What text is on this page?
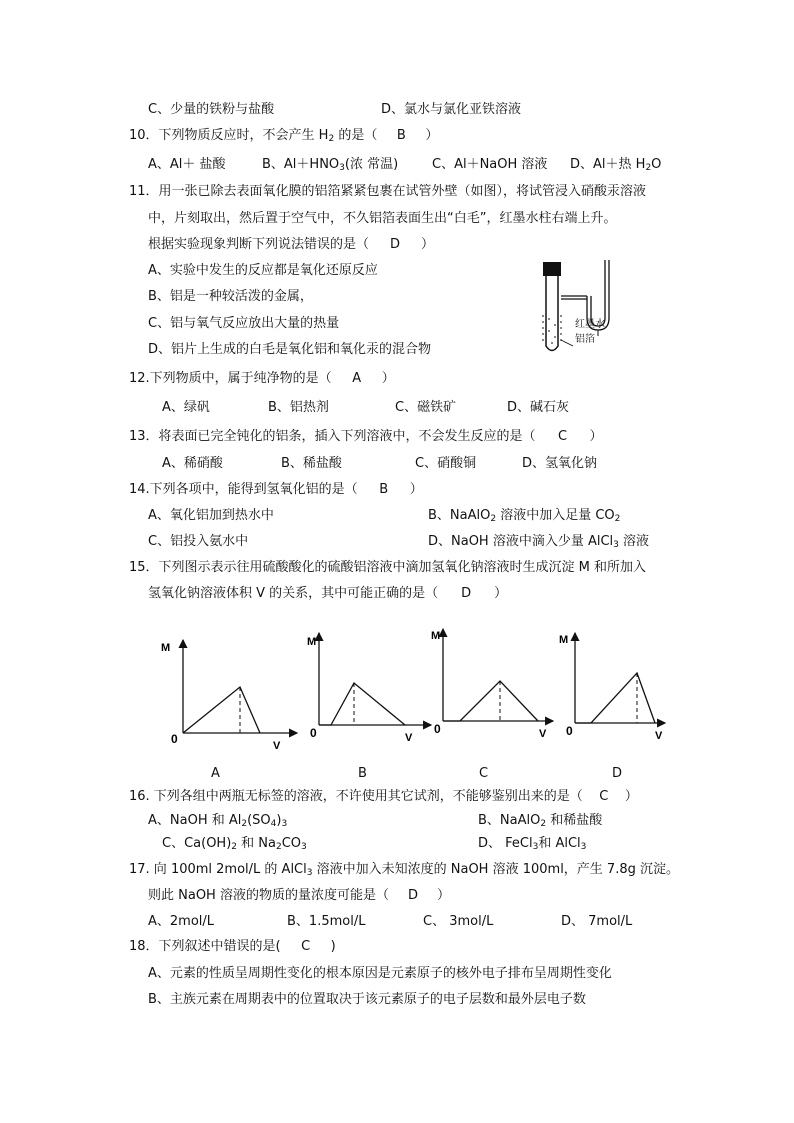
C、少量的铁粉与盐酸	D、氯水与氯化亚铁溶液
10．下列物质反应时，不会产生 $H_2$ 的是（ B ）
A、Al＋ 盐酸	B、$Al+HNO_3$(浓 常温)	C、Al＋NaOH 溶液 D、Al＋热 $H_2O$
11．用一张已除去表面氧化膜的铝箔紧紧包裹在试管外壁（如图），将试管浸入硝酸汞溶液
中，片刻取出，然后置于空气中，不久铝箔表面生出“白毛”，红墨水柱右端上升。
根据实验现象判断下列说法错误的是（ D ）
A、实验中发生的反应都是氧化还原反应
B、铝是一种较活泼的金属，
C、铝与氧气反应放出大量的热量
D、铝片上生成的白毛是氧化铝和氧化汞的混合物
红墨水
铝箔
12.下列物质中，属于纯净物的是（ A ）
A、绿矾	B、铝热剂	C、磁铁矿	D、碱石灰
13．将表面已完全钝化的铝条，插入下列溶液中，不会发生反应的是（ C ）
A、稀硝酸	B、稀盐酸	C、硝酸铜	D、氢氧化钠
14.下列各项中，能得到氢氧化铝的是（ B ）
A、氧化铝加到热水中	B、NaAlO$_2$ 溶液中加入足量 $CO_2$
C、铝投入氨水中	D、NaOH 溶液中滴入少量 AlCl$_3$ 溶液
15．下列图示表示往用硫酸酸化的硫酸铝溶液中滴加氢氧化钠溶液时生成沉淀 M 和所加入
氢氧化钠溶液体积 V 的关系，其中可能正确的是（ D ）
M
0	V
M
0	V
M
0	V
M
0	V
A	B	C	D
16. 下列各组中两瓶无标签的溶液，不许使用其它试剂，不能够鉴别出来的是（ C ）
A、NaOH 和 $Al_2(SO_4)_3$	B、NaAlO$_2$ 和稀盐酸
C、$Ca(OH)_2$ 和 $Na_2CO_3$	D、 FeCl$_3$和 AlCl$_3$
17. 向 100ml 2mol/L 的 AlCl$_3$ 溶液中加入未知浓度的 NaOH 溶液 100ml，产生 7.8g 沉淀。
则此 NaOH 溶液的物质的量浓度可能是（ D ）
A、2mol/L	B、1.5mol/L	C、 3mol/L	D、 7mol/L
18．下列叙述中错误的是( C )
A、元素的性质呈周期性变化的根本原因是元素原子的核外电子排布呈周期性变化
B、主族元素在周期表中的位置取决于该元素原子的电子层数和最外层电子数
